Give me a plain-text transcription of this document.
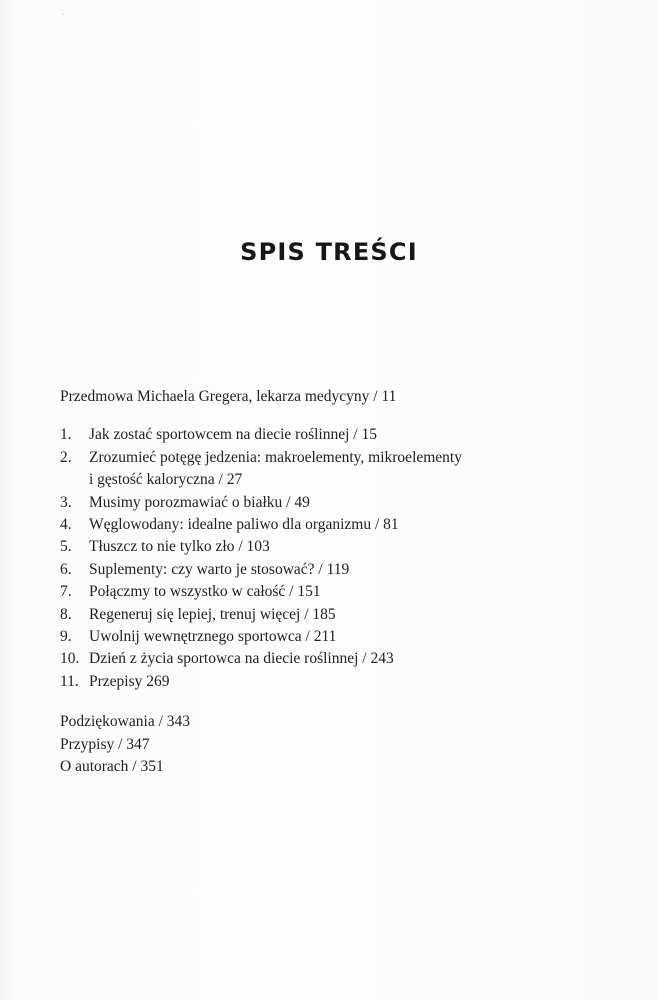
ᵥ
SPIS TREŚCI
Przedmowa Michaela Gregera, lekarza medycyny / 11
1.	Jak zostać sportowcem na diecie roślinnej / 15
2.	Zrozumieć potęgę jedzenia: makroelementy, mikroelementy
i gęstość kaloryczna / 27
3.	Musimy porozmawiać o białku / 49
4.	Węglowodany: idealne paliwo dla organizmu / 81
5.	Tłuszcz to nie tylko zło / 103
6.	Suplementy: czy warto je stosować? / 119
7.	Połączmy to wszystko w całość / 151
8.	Regeneruj się lepiej, trenuj więcej / 185
9.	Uwolnij wewnętrznego sportowca / 211
10. Dzień z życia sportowca na diecie roślinnej / 243
11. Przepisy 269
Podziękowania / 343
Przypisy / 347
O autorach / 351
